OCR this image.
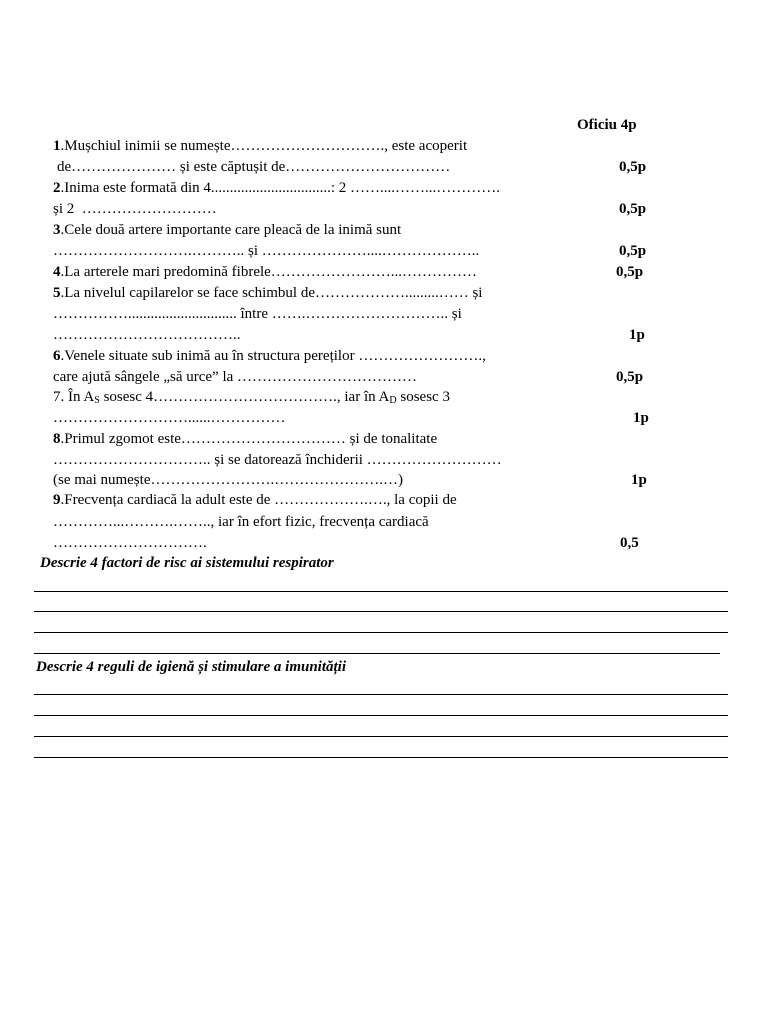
Oficiu 4p
1.Mușchiul inimii se numește…………………………., este acoperit
de………………… și este căptușit de……………………………	0,5p
2.Inima este formată din 4................................: 2 ……....……...………….
și 2  ………………………	0,5p
3.Cele două artere importante care pleacă de la inimă sunt
……………………….……….. și …………………....………………..	0,5p
4.La arterele mari predomină fibrele……………………...……………	0,5p
5.La nivelul capilarelor se face schimbul de……………….........…… și
……………............................. între …….……………………….. și
………………………………..	1p
6.Venele situate sub inimă au în structura pereților …………………….,
care ajută sângele „să urce” la ………………………………	0,5p
7. În $A_S$ sosesc 4………………………………., iar în $A_D$ sosesc 3
………………………......……………	1p
8.Primul zgomot este…………………………… și de tonalitate
………………………….. și se datorează închiderii ………………………
(se mai numește…………………….………………….…)	1p
9.Frecvența cardiacă la adult este de ……………….…., la copii de
…………...……….…….., iar în efort fizic, frecvența cardiacă
………………………….	0,5
Descrie 4 factori de risc ai sistemului respirator
Descrie 4 reguli de igienă și stimulare a imunității
